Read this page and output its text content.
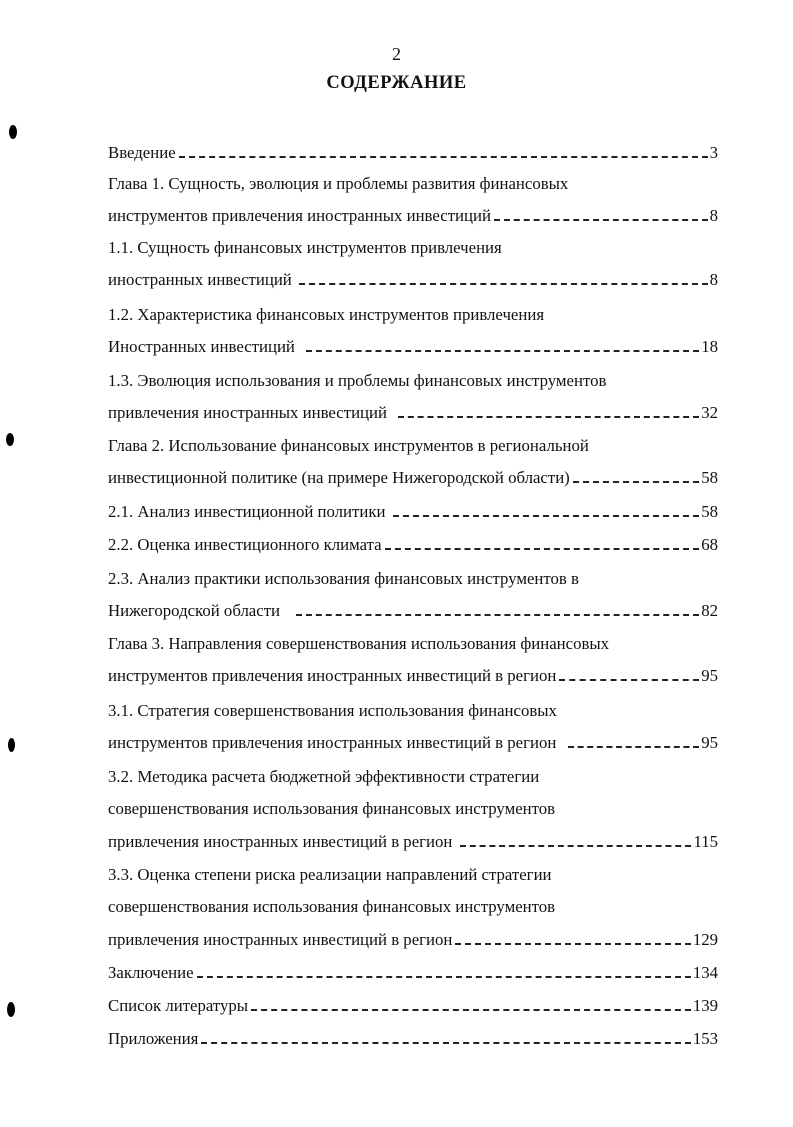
2
СОДЕРЖАНИЕ
Введение	3
Глава 1. Сущность, эволюция и проблемы развития финансовых
инструментов привлечения иностранных инвестиций	8
1.1. Сущность финансовых инструментов привлечения
иностранных инвестиций	8
1.2. Характеристика финансовых инструментов привлечения
Иностранных инвестиций	18
1.3. Эволюция использования и проблемы финансовых инструментов
привлечения иностранных инвестиций	32
Глава 2. Использование финансовых инструментов в региональной
инвестиционной политике (на примере Нижегородской области)	58
2.1. Анализ инвестиционной политики	58
2.2. Оценка инвестиционного климата	68
2.3. Анализ практики использования финансовых инструментов в
Нижегородской области	82
Глава 3. Направления совершенствования использования финансовых
инструментов привлечения иностранных инвестиций в регион	95
3.1. Стратегия совершенствования использования финансовых
инструментов привлечения иностранных инвестиций в регион	95
3.2. Методика расчета бюджетной эффективности стратегии
совершенствования использования финансовых инструментов
привлечения иностранных инвестиций в регион	115
3.3. Оценка степени риска реализации направлений стратегии
совершенствования использования финансовых инструментов
привлечения иностранных инвестиций в регион	129
Заключение	134
Список литературы	139
Приложения	153
